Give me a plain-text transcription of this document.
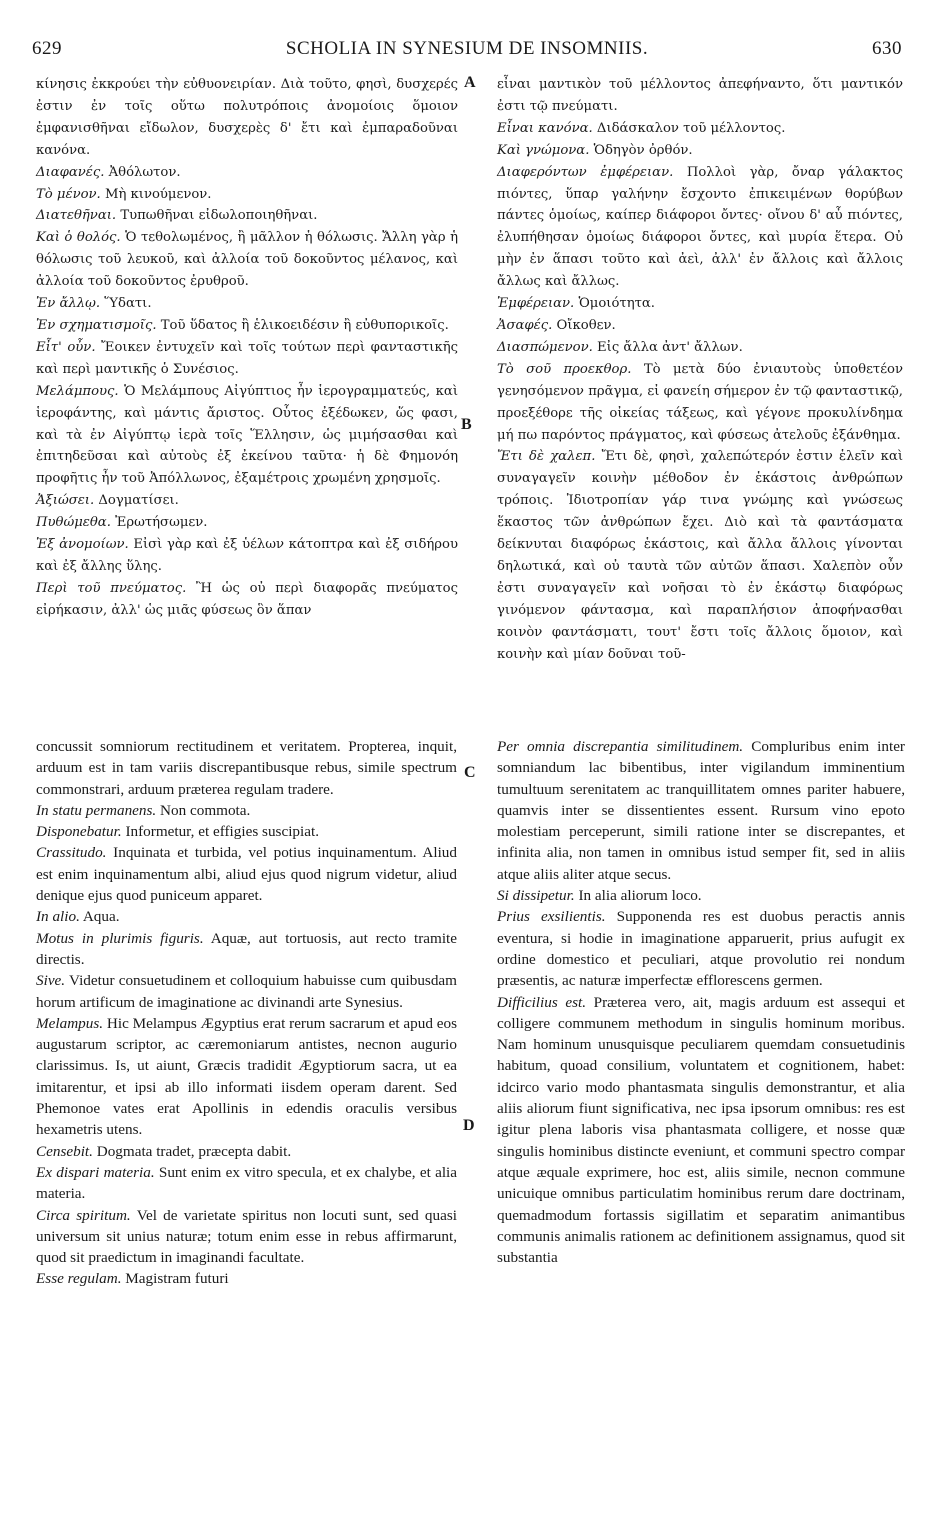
629	SCHOLIA IN SYNESIUM DE INSOMNIIS.	630
A
B
C
D

κίνησις ἐκκρούει τὴν εὐθυονειρίαν. Διὰ τοῦτο, φησὶ, δυσχερές ἐστιν ἐν τοῖς οὕτω πολυτρόποις ἀνομοίοις ὅμοιον ἐμφανισθῆναι εἴδωλον, δυσχερὲς δ' ἔτι καὶ ἐμπαραδοῦναι κανόνα.

Διαφανές. Ἀθόλωτον.

Τὸ μένον. Μὴ κινούμενον.

Διατεθῆναι. Τυπωθῆναι εἰδωλοποιηθῆναι.

Καὶ ὁ θολός. Ὁ τεθολωμένος, ἢ μᾶλλον ἡ θόλωσις. Ἄλλη γὰρ ἡ θόλωσις τοῦ λευκοῦ, καὶ ἀλλοία τοῦ δοκοῦντος μέλανος, καὶ ἀλλοία τοῦ δοκοῦντος ἐρυθροῦ.

Ἐν ἄλλῳ. Ὕδατι.

Ἐν σχηματισμοῖς. Τοῦ ὕδατος ἢ ἑλικοειδέσιν ἢ εὐθυπορικοῖς.

Εἶτ' οὖν. Ἔοικεν ἐντυχεῖν καὶ τοῖς τούτων περὶ φανταστικῆς καὶ περὶ μαντικῆς ὁ Συνέσιος.

Μελάμπους. Ὁ Μελάμπους Αἰγύπτιος ἦν ἱερογραμματεύς, καὶ ἱεροφάντης, καὶ μάντις ἄριστος. Οὗτος ἐξέδωκεν, ὥς φασι, καὶ τὰ ἐν Αἰγύπτῳ ἱερὰ τοῖς Ἕλλησιν, ὡς μιμήσασθαι καὶ ἐπιτηδεῦσαι καὶ αὐτοὺς ἐξ ἐκείνου ταῦτα· ἡ δὲ Φημονόη προφῆτις ἦν τοῦ Ἀπόλλωνος, ἐξαμέτροις χρωμένη χρησμοῖς.

Ἀξιώσει. Δογματίσει.

Πυθώμεθα. Ἐρωτήσωμεν.

Ἐξ ἀνομοίων. Εἰσὶ γὰρ καὶ ἐξ ὑέλων κάτοπτρα καὶ ἐξ σιδήρου καὶ ἐξ ἄλλης ὕλης.

Περὶ τοῦ πνεύματος. Ἢ ὡς οὐ περὶ διαφορᾶς πνεύματος εἰρήκασιν, ἀλλ' ὡς μιᾶς φύσεως ὃν ἅπαν

εἶναι μαντικὸν τοῦ μέλλοντος ἀπεφήναντο, ὅτι μαντικόν ἐστι τῷ πνεύματι.

Εἶναι κανόνα. Διδάσκαλον τοῦ μέλλοντος.

Καὶ γνώμονα. Ὁδηγὸν ὀρθόν.

Διαφερόντων ἐμφέρειαν. Πολλοὶ γὰρ, ὄναρ γάλακτος πιόντες, ὕπαρ γαλήνην ἔσχοντο ἐπικειμένων θορύβων πάντες ὁμοίως, καίπερ διάφοροι ὄντες· οἴνου δ' αὖ πιόντες, ἐλυπήθησαν ὁμοίως διάφοροι ὄντες, καὶ μυρία ἕτερα. Οὐ μὴν ἐν ἅπασι τοῦτο καὶ ἀεὶ, ἀλλ' ἐν ἄλλοις καὶ ἄλλοις ἄλλως καὶ ἄλλως.

Ἐμφέρειαν. Ὁμοιότητα.

Ἀσαφές. Οἴκοθεν.

Διασπώμενον. Εἰς ἄλλα ἀντ' ἄλλων.

Τὸ σοῦ προεκθορ. Τὸ μετὰ δύο ἐνιαυτοὺς ὑποθετέον γενησόμενον πρᾶγμα, εἰ φανείη σήμερον ἐν τῷ φανταστικῷ, προεξέθορε τῆς οἰκείας τάξεως, καὶ γέγονε προκυλίνδημα μή πω παρόντος πράγματος, καὶ φύσεως ἀτελοῦς ἐξάνθημα.

Ἔτι δὲ χαλεπ. Ἔτι δὲ, φησὶ, χαλεπώτερόν ἐστιν ἑλεῖν καὶ συναγαγεῖν κοινὴν μέθοδον ἐν ἑκάστοις ἀνθρώπων τρόποις. Ἰδιοτροπίαν γάρ τινα γνώμης καὶ γνώσεως ἕκαστος τῶν ἀνθρώπων ἔχει. Διὸ καὶ τὰ φαντάσματα δείκνυται διαφόρως ἑκάστοις, καὶ ἄλλα ἄλλοις γίνονται δηλωτικά, καὶ οὐ ταυτὰ τῶν αὐτῶν ἅπασι. Χαλεπὸν οὖν ἐστι συναγαγεῖν καὶ νοῆσαι τὸ ἐν ἑκάστῳ διαφόρως γινόμενον φάντασμα, καὶ παραπλήσιον ἀποφήνασθαι κοινὸν φαντάσματι, τουτ' ἔστι τοῖς ἄλλοις ὅμοιον, καὶ κοινὴν καὶ μίαν δοῦναι τοῦ-

concussit somniorum rectitudinem et veritatem. Propterea, inquit, arduum est in tam variis discrepantibusque rebus, simile spectrum commonstrari, arduum præterea regulam tradere.

In statu permanens. Non commota.

Disponebatur. Informetur, et effigies suscipiat.

Crassitudo. Inquinata et turbida, vel potius inquinamentum. Aliud est enim inquinamentum albi, aliud ejus quod nigrum videtur, aliud denique ejus quod puniceum apparet.

In alio. Aqua.

Motus in plurimis figuris. Aquæ, aut tortuosis, aut recto tramite directis.

Sive. Videtur consuetudinem et colloquium habuisse cum quibusdam horum artificum de imaginatione ac divinandi arte Synesius.

Melampus. Hic Melampus Ægyptius erat rerum sacrarum et apud eos augustarum scriptor, ac cæremoniarum antistes, necnon augurio clarissimus. Is, ut aiunt, Græcis tradidit Ægyptiorum sacra, ut ea imitarentur, et ipsi ab illo informati iisdem operam darent. Sed Phemonoe vates erat Apollinis in edendis oraculis versibus hexametris utens.

Censebit. Dogmata tradet, præcepta dabit.

Ex dispari materia. Sunt enim ex vitro specula, et ex chalybe, et alia materia.

Circa spiritum. Vel de varietate spiritus non locuti sunt, sed quasi universum sit unius naturæ; totum enim esse in rebus affirmarunt, quod sit praedictum in imaginandi facultate.

Esse regulam. Magistram futuri

Per omnia discrepantia similitudinem. Compluribus enim inter somniandum lac bibentibus, inter vigilandum imminentium tumultuum serenitatem ac tranquillitatem omnes pariter habuere, quamvis inter se dissentientes essent. Rursum vino epoto molestiam perceperunt, simili ratione inter se discrepantes, et infinita alia, non tamen in omnibus istud semper fit, sed in aliis atque aliis aliter atque secus.

Si dissipetur. In alia aliorum loco.

Prius exsilientis. Supponenda res est duobus peractis annis eventura, si hodie in imaginatione apparuerit, prius aufugit ex ordine domestico et peculiari, atque provolutio rei nondum præsentis, ac naturæ imperfectæ efflorescens germen.

Difficilius est. Præterea vero, ait, magis arduum est assequi et colligere communem methodum in singulis hominum moribus. Nam hominum unusquisque peculiarem quemdam consuetudinis habitum, quoad consilium, voluntatem et cognitionem, habet: idcirco vario modo phantasmata singulis demonstrantur, et alia aliis aliorum fiunt significativa, nec ipsa ipsorum omnibus: res est igitur plena laboris visa phantasmata colligere, et nosse quæ singulis hominibus distincte eveniunt, et communi spectro compar atque æquale exprimere, hoc est, aliis simile, necnon commune unicuique omnibus particulatim hominibus rerum dare doctrinam, quemadmodum fortassis sigillatim et separatim animantibus communis animalis rationem ac definitionem assignamus, quod sit substantia
